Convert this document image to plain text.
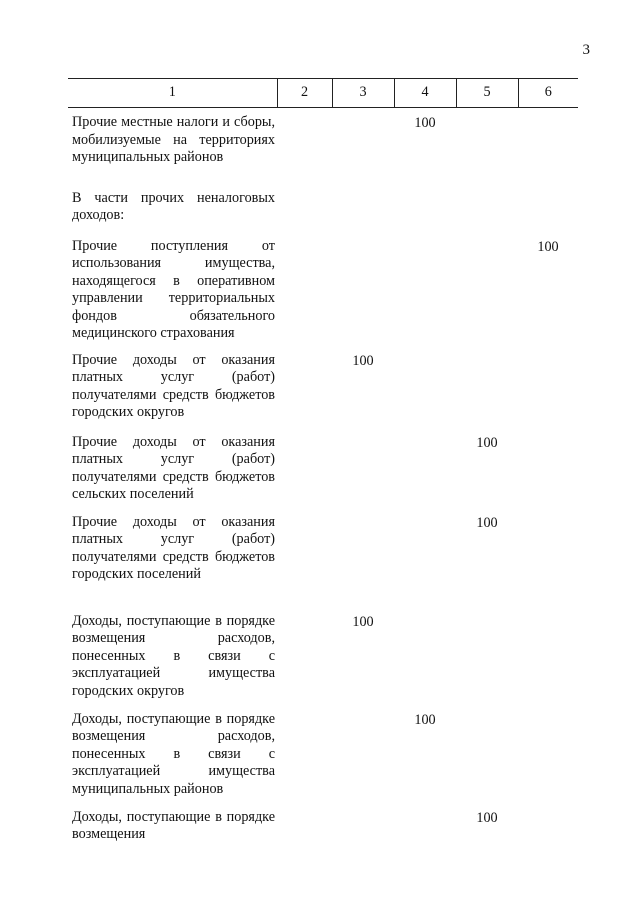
3
1	2	3	4	5	6
Прочие местные налоги и сборы, мобилизуемые на территориях муниципальных районов			100		
В части прочих неналоговых доходов:					
Прочие поступления от использования имущества, находящегося в оперативном управлении территориальных фондов обязательного медицинского страхования					100
Прочие доходы от оказания платных услуг (работ) получателями средств бюджетов городских округов		100			
Прочие доходы от оказания платных услуг (работ) получателями средств бюджетов сельских поселений				100	
Прочие доходы от оказания платных услуг (работ) получателями средств бюджетов городских поселений				100	
Доходы, поступающие в порядке возмещения расходов, понесенных в связи с эксплуатацией имущества городских округов		100			
Доходы, поступающие в порядке возмещения расходов, понесенных в связи с эксплуатацией имущества муниципальных районов			100		
Доходы, поступающие в порядке возмещения				100	
